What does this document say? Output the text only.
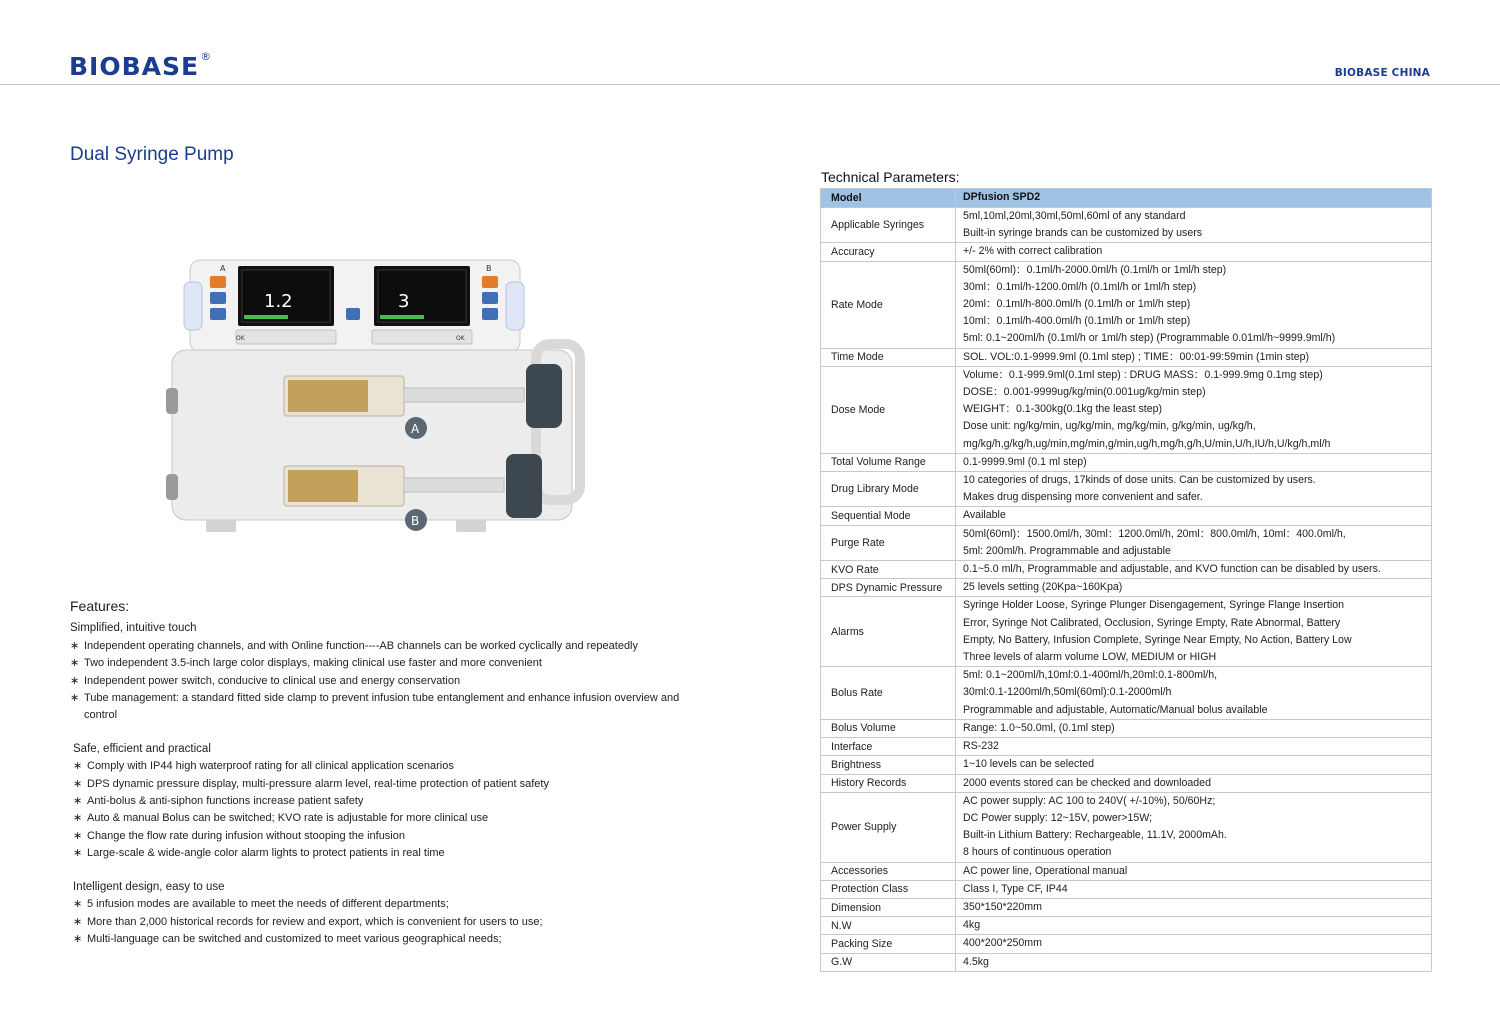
BIOBASE®
BIOBASE CHINA
Dual Syringe Pump
A
1.2
OK
B
3
OK
A
B
Features:
Simplified, intuitive touch
∗ Independent operating channels, and with Online function----AB channels can be worked cyclically and repeatedly
∗ Two independent 3.5-inch large color displays, making clinical use faster and more convenient
∗ Independent power switch, conducive to clinical use and energy conservation
∗ Tube management: a standard fitted side clamp to prevent infusion tube entanglement and enhance infusion overview and control
Safe, efficient and practical
∗ Comply with IP44 high waterproof rating for all clinical application scenarios
∗ DPS dynamic pressure display, multi-pressure alarm level, real-time protection of patient safety
∗ Anti-bolus & anti-siphon functions increase patient safety
∗ Auto & manual Bolus can be switched; KVO rate is adjustable for more clinical use
∗ Change the flow rate during infusion without stooping the infusion
∗ Large-scale & wide-angle color alarm lights to protect patients in real time
Intelligent design, easy to use
∗ 5 infusion modes are available to meet the needs of different departments;
∗ More than 2,000 historical records for review and export, which is convenient for users to use;
∗ Multi-language can be switched and customized to meet various geographical needs;
Technical Parameters:
Model	DPfusion SPD2
Applicable Syringes	5ml,10ml,20ml,30ml,50ml,60ml of any standard
Built-in syringe brands can be customized by users

Accuracy	+/- 2% with correct calibration

Rate Mode	50ml(60ml)：0.1ml/h-2000.0ml/h (0.1ml/h or 1ml/h step)
30ml：0.1ml/h-1200.0ml/h (0.1ml/h or 1ml/h step)
20ml：0.1ml/h-800.0ml/h (0.1ml/h or 1ml/h step)
10ml：0.1ml/h-400.0ml/h (0.1ml/h or 1ml/h step)
5ml: 0.1~200ml/h (0.1ml/h or 1ml/h step) (Programmable 0.01ml/h~9999.9ml/h)

Time Mode	SOL. VOL:0.1-9999.9ml (0.1ml step) ; TIME：00:01-99:59min (1min step)

Dose Mode	Volume：0.1-999.9ml(0.1ml step) : DRUG MASS：0.1-999.9mg 0.1mg step)
DOSE：0.001-9999ug/kg/min(0.001ug/kg/min step)
WEIGHT：0.1-300kg(0.1kg the least step)
Dose unit: ng/kg/min, ug/kg/min, mg/kg/min, g/kg/min, ug/kg/h,
mg/kg/h,g/kg/h,ug/min,mg/min,g/min,ug/h,mg/h,g/h,U/min,U/h,IU/h,U/kg/h,ml/h

Total Volume Range	0.1-9999.9ml (0.1 ml step)

Drug Library Mode	10 categories of drugs, 17kinds of dose units. Can be customized by users.
Makes drug dispensing more convenient and safer.

Sequential Mode	Available

Purge Rate	50ml(60ml)：1500.0ml/h, 30ml：1200.0ml/h, 20ml：800.0ml/h, 10ml：400.0ml/h,
5ml: 200ml/h. Programmable and adjustable

KVO Rate	0.1~5.0 ml/h, Programmable and adjustable, and KVO function can be disabled by users.

DPS Dynamic Pressure	25 levels setting (20Kpa~160Kpa)

Alarms	Syringe Holder Loose, Syringe Plunger Disengagement, Syringe Flange Insertion
Error, Syringe Not Calibrated, Occlusion, Syringe Empty, Rate Abnormal, Battery
Empty, No Battery, Infusion Complete, Syringe Near Empty, No Action, Battery Low
Three levels of alarm volume LOW, MEDIUM or HIGH

Bolus Rate	5ml: 0.1~200ml/h,10ml:0.1-400ml/h,20ml:0.1-800ml/h,
30ml:0.1-1200ml/h,50ml(60ml):0.1-2000ml/h
Programmable and adjustable, Automatic/Manual bolus available

Bolus Volume	Range: 1.0~50.0ml, (0.1ml step)

Interface	RS-232

Brightness	1~10 levels can be selected

History Records	2000 events stored can be checked and downloaded

Power Supply	AC power supply: AC 100 to 240V( +/-10%), 50/60Hz;
DC Power supply: 12~15V, power>15W;
Built-in Lithium Battery: Rechargeable, 11.1V, 2000mAh.
8 hours of continuous operation

Accessories	AC power line, Operational manual

Protection Class	Class I, Type CF, IP44

Dimension	350*150*220mm

N.W	4kg

Packing Size	400*200*250mm

G.W	4.5kg
